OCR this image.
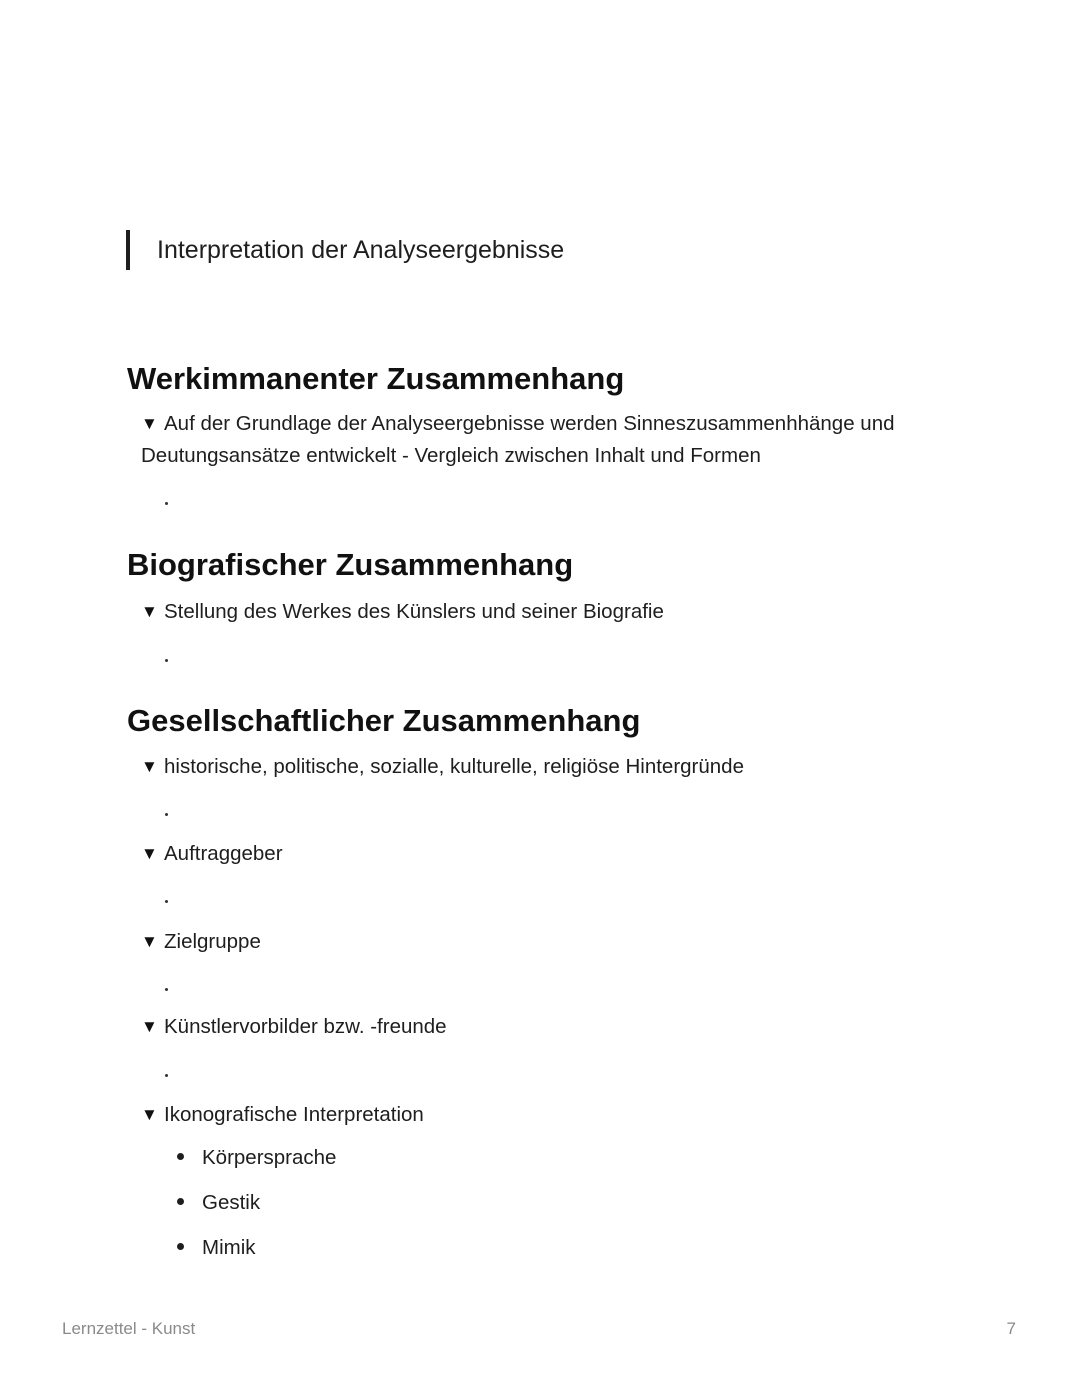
Interpretation der Analyseergebnisse
Werkimmanenter Zusammenhang
▼ Auf der Grundlage der Analyseergebnisse werden Sinneszusammenhhänge und Deutungsansätze entwickelt - Vergleich zwischen Inhalt und Formen
Biografischer Zusammenhang
▼ Stellung des Werkes des Künslers und seiner Biografie
Gesellschaftlicher Zusammenhang
▼ historische, politische, sozialle, kulturelle, religiöse Hintergründe
▼ Auftraggeber
▼ Zielgruppe
▼ Künstlervorbilder bzw. -freunde
▼ Ikonografische Interpretation
Körpersprache
Gestik
Mimik
Lernzettel - Kunst	7
